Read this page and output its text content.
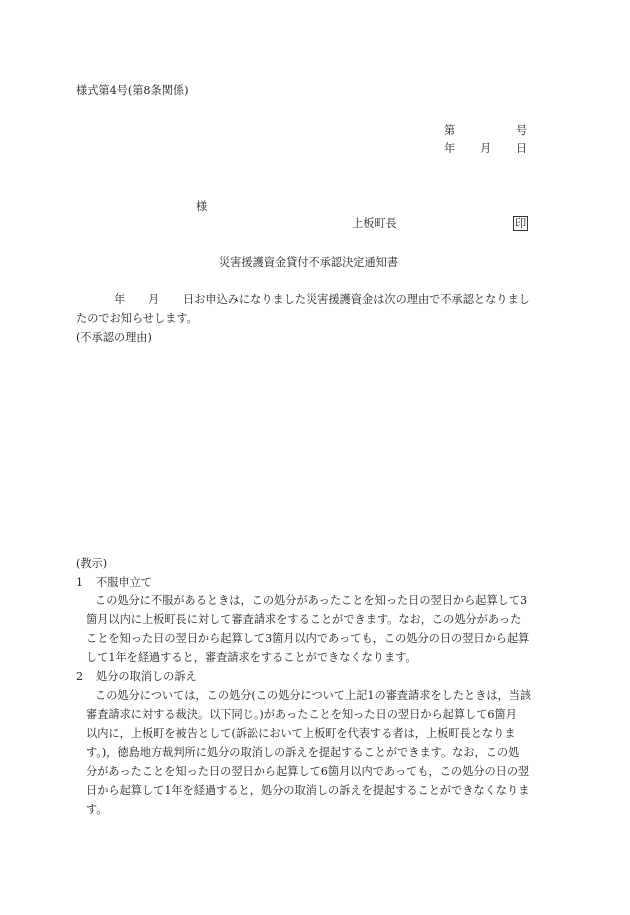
様式第4号(第8条関係)
第	号
年 月 日
様
上板町長	印
災害援護資金貸付不承認決定通知書
年 月 日お申込みになりました災害援護資金は次の理由で不承認となりまし
たのでお知らせします。
(不承認の理由)
(教示)
1 不服申立て
この処分に不服があるときは，この処分があったことを知った日の翌日から起算して3
箇月以内に上板町長に対して審査請求をすることができます。なお，この処分があった
ことを知った日の翌日から起算して3箇月以内であっても，この処分の日の翌日から起算
して1年を経過すると，審査請求をすることができなくなります。
2 処分の取消しの訴え
この処分については，この処分(この処分について上記1の審査請求をしたときは，当該
審査請求に対する裁決。以下同じ。)があったことを知った日の翌日から起算して6箇月
以内に，上板町を被告として(訴訟において上板町を代表する者は，上板町長となりま
す。)，徳島地方裁判所に処分の取消しの訴えを提起することができます。なお，この処
分があったことを知った日の翌日から起算して6箇月以内であっても，この処分の日の翌
日から起算して1年を経過すると，処分の取消しの訴えを提起することができなくなりま
す。
